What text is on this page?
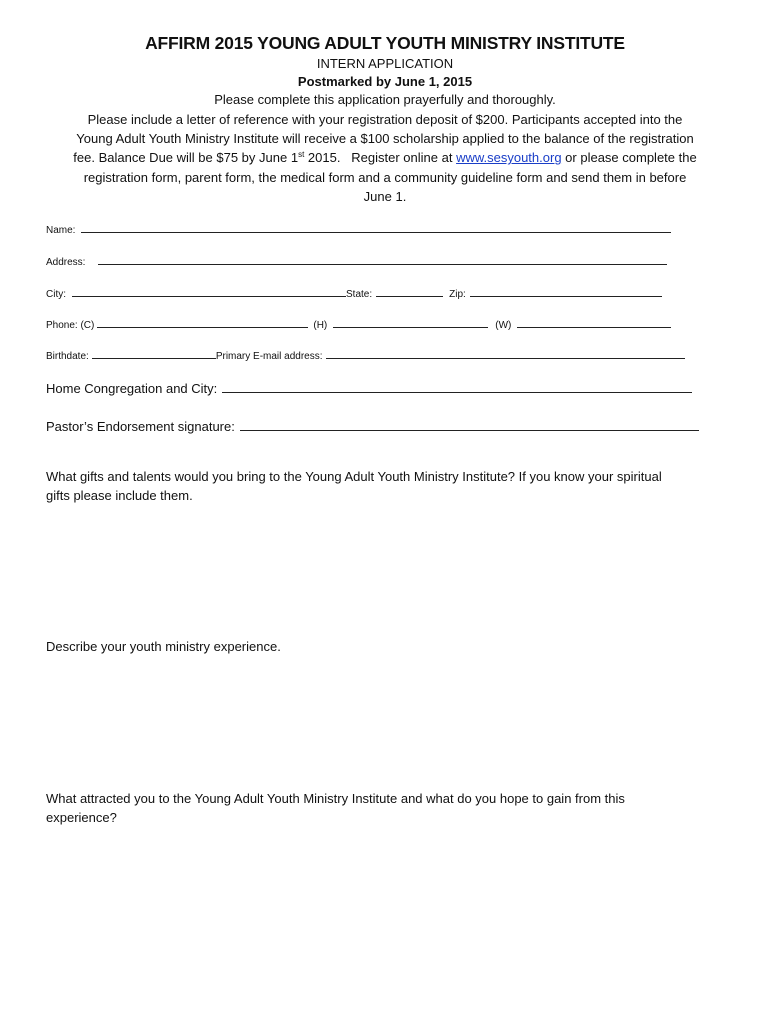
AFFIRM 2015 YOUNG ADULT YOUTH MINISTRY INSTITUTE
INTERN APPLICATION
Postmarked by June 1, 2015
Please complete this application prayerfully and thoroughly.
Please include a letter of reference with your registration deposit of $200. Participants accepted into the
Young Adult Youth Ministry Institute will receive a $100 scholarship applied to the balance of the registration
fee. Balance Due will be $75 by June 1st 2015.   Register online at www.sesyouth.org or please complete the
registration form, parent form, the medical form and a community guideline form and send them in before
June 1.
Name:
Address:
City:	State:	Zip:
Phone: (C)	(H)	(W)
Birthdate:	Primary E-mail address:
Home Congregation and City:
Pastor’s Endorsement signature:
What gifts and talents would you bring to the Young Adult Youth Ministry Institute? If you know your spiritual
gifts please include them.
Describe your youth ministry experience.
What attracted you to the Young Adult Youth Ministry Institute and what do you hope to gain from this
experience?
